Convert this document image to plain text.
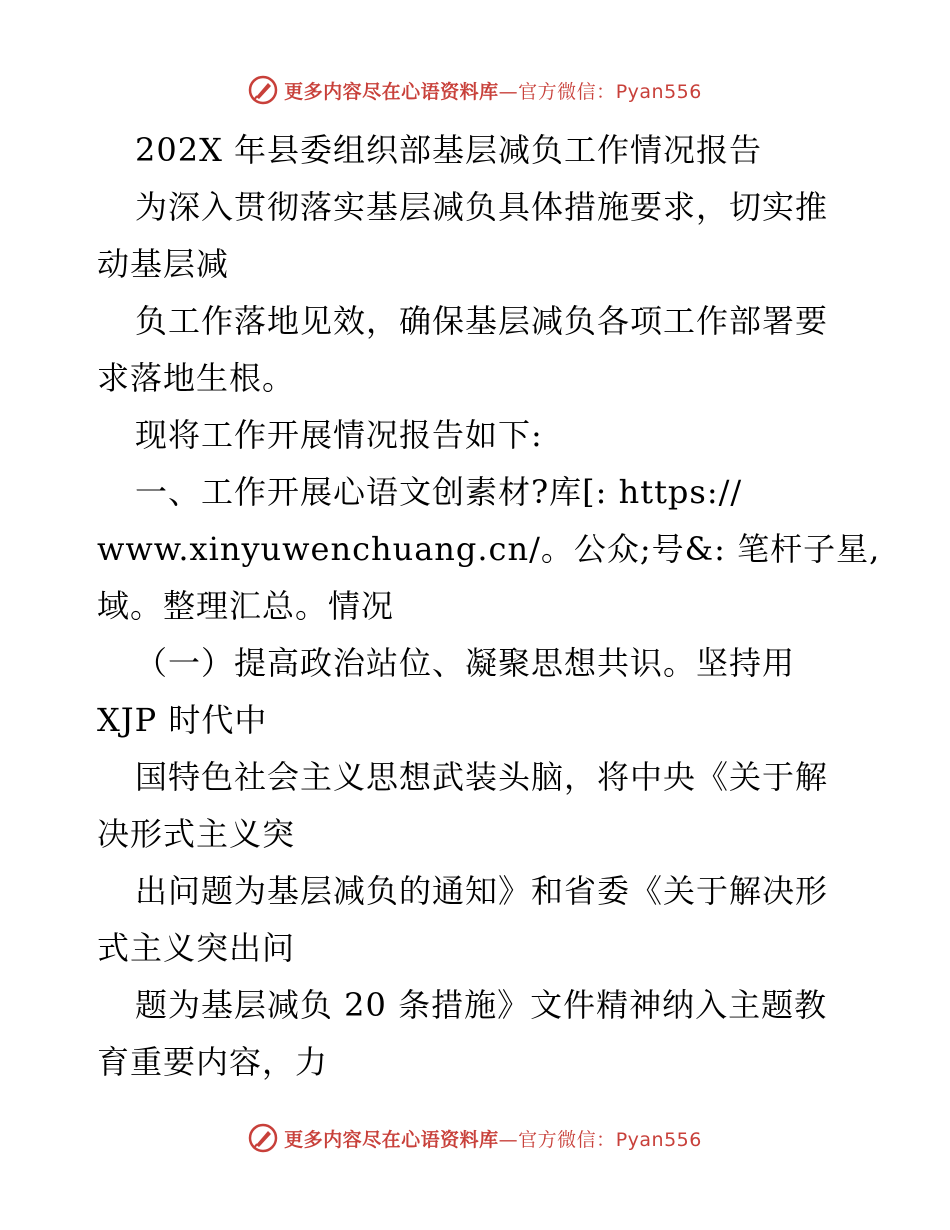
更多内容尽在心语资料库—官方微信：Pyan556
202X 年县委组织部基层减负工作情况报告
为深入贯彻落实基层减负具体措施要求，切实推
动基层减
负工作落地见效，确保基层减负各项工作部署要
求落地生根。
现将工作开展情况报告如下:
一、工作开展心语文创素材?库[: https://
www.xinyuwenchuang.cn/。公众;号&: 笔杆子星,
域。整理汇总。情况
（一）提高政治站位、凝聚思想共识。坚持用
XJP 时代中
国特色社会主义思想武装头脑，将中央《关于解
决形式主义突
出问题为基层减负的通知》和省委《关于解决形
式主义突出问
题为基层减负 20 条措施》文件精神纳入主题教
育重要内容，力
更多内容尽在心语资料库—官方微信：Pyan556
